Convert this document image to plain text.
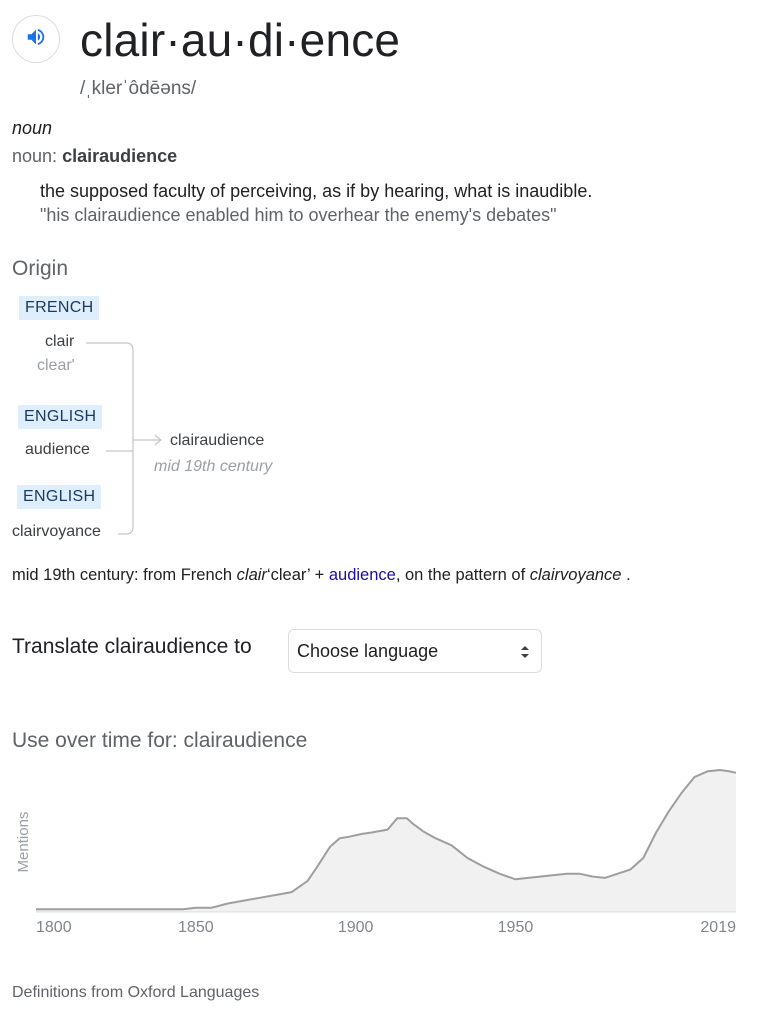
clair·au·di·ence
/ˌklerˈôdēəns/
noun
noun: clairaudience
the supposed faculty of perceiving, as if by hearing, what is inaudible.
"his clairaudience enabled him to overhear the enemy's debates"
Origin
FRENCH
clair
clear'
ENGLISH
audience
ENGLISH
clairvoyance
clairaudience
mid 19th century
mid 19th century: from French clair‘clear’ + audience, on the pattern of clairvoyance .
Translate clairaudience to	Choose language
Use over time for: clairaudience
Mentions
1800	1850	1900	1950	2019
Definitions from Oxford Languages
